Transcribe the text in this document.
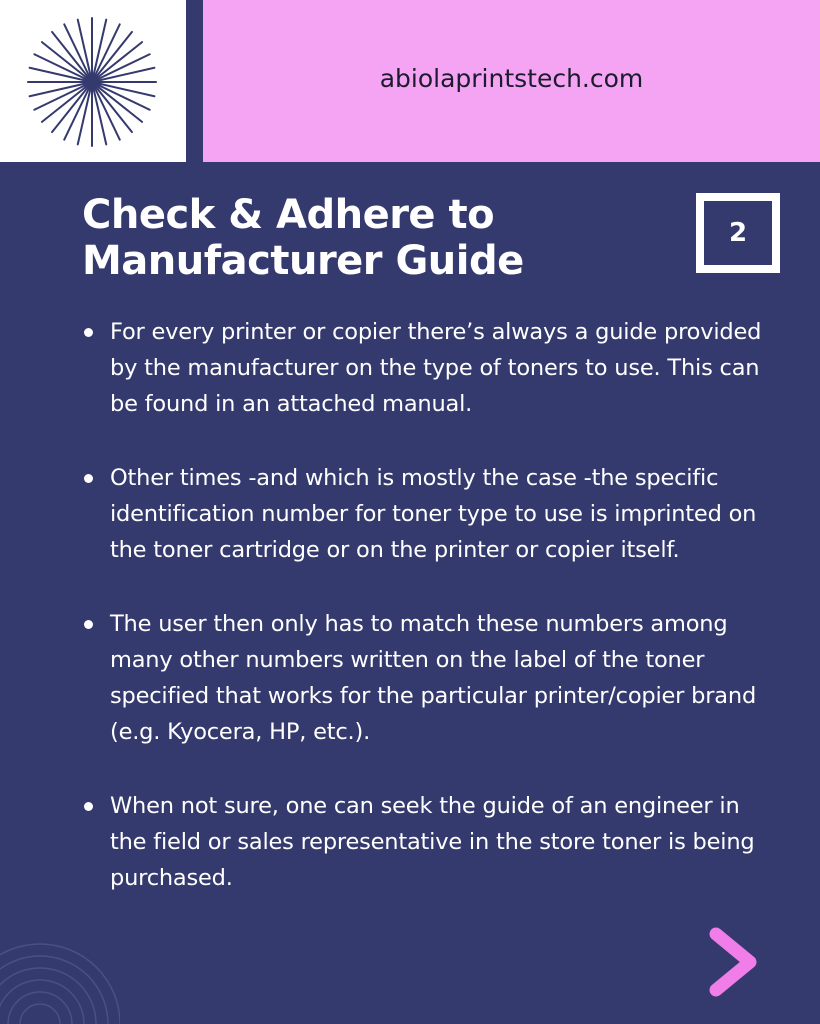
abiolaprintstech.com
Check & Adhere to
Manufacturer Guide
2
For every printer or copier there’s always a guide provided by the manufacturer on the type of toners to use. This can be found in an attached manual.
Other times -and which is mostly the case -the specific identification number for toner type to use is imprinted on the toner cartridge or on the printer or copier itself.
The user then only has to match these numbers among many other numbers written on the label of the toner specified that works for the particular printer/copier brand (e.g. Kyocera, HP, etc.).
When not sure, one can seek the guide of an engineer in the field or sales representative in the store toner is being purchased.
